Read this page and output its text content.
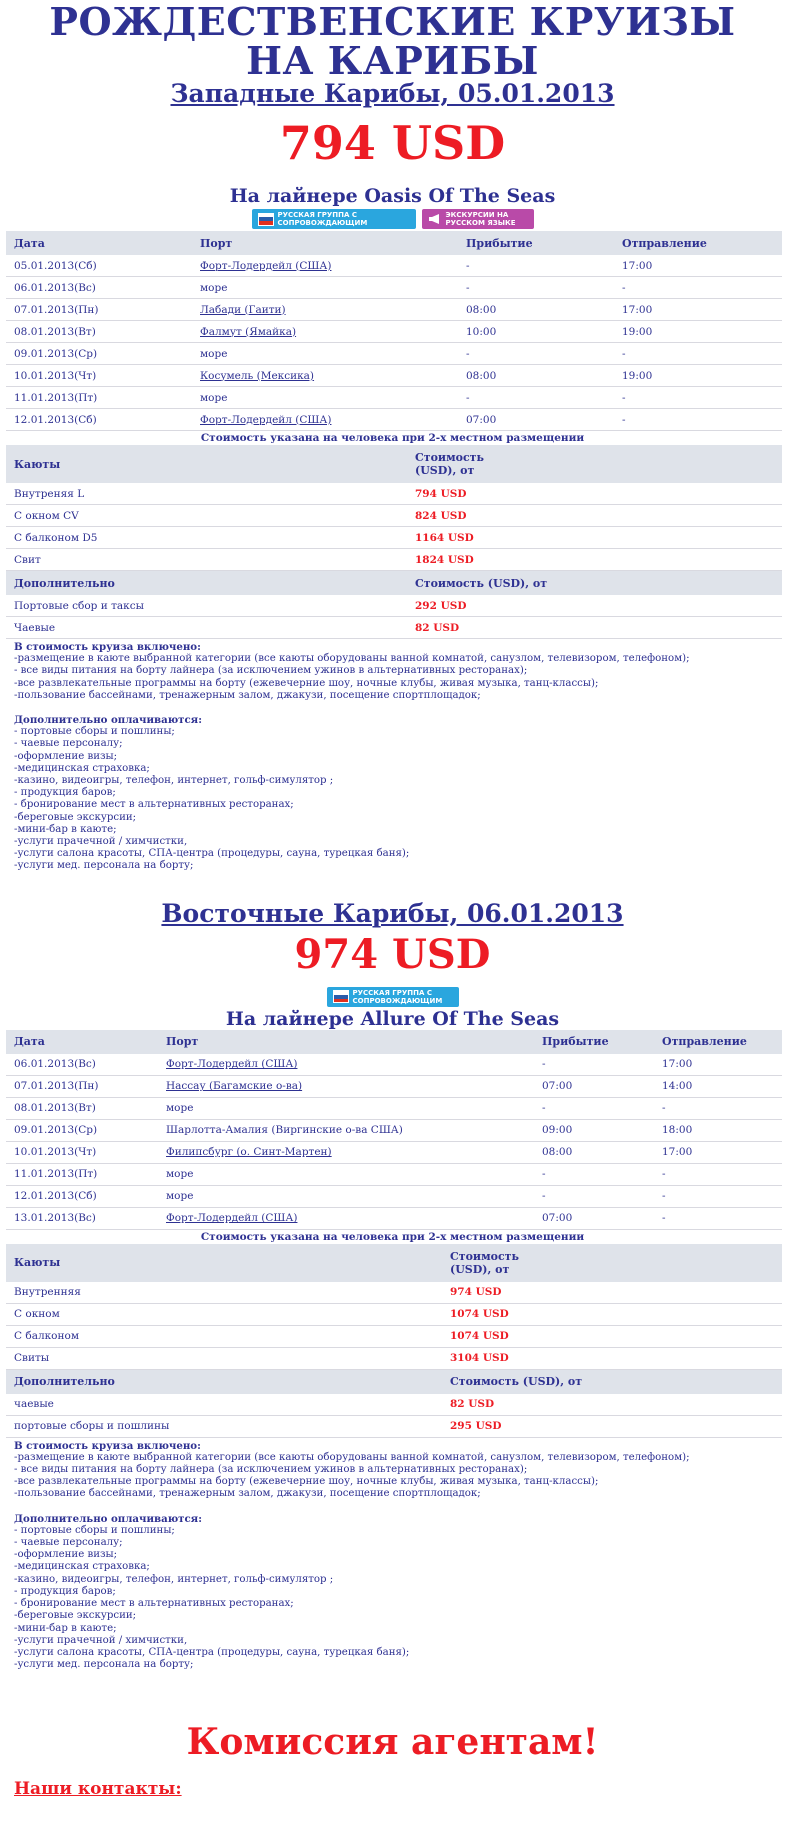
РОЖДЕСТВЕНСКИЕ КРУИЗЫ
НА КАРИБЫ
Западные Карибы, 05.01.2013
794 USD
На лайнере Oasis Of The Seas
РУССКАЯ ГРУППА С СОПРОВОЖДАЮЩИМ
ЭКСКУРСИИ НА РУССКОМ ЯЗЫКЕ
Дата	Порт	Прибытие	Отправление
05.01.2013(Сб)	Форт-Лодердейл (США)	-	17:00
06.01.2013(Вс)	море	-	-
07.01.2013(Пн)	Лабади (Гаити)	08:00	17:00
08.01.2013(Вт)	Фалмут (Ямайка)	10:00	19:00
09.01.2013(Ср)	море	-	-
10.01.2013(Чт)	Косумель (Мексика)	08:00	19:00
11.01.2013(Пт)	море	-	-
12.01.2013(Сб)	Форт-Лодердейл (США)	07:00	-

Стоимость указана на человека при 2-х местном размещении

Каюты	Стоимость (USD), от
Внутреняя L	794 USD
С окном CV	824 USD
С балконом D5	1164 USD
Свит	1824 USD
Дополнительно	Стоимость (USD), от
Портовые сбор и таксы	292 USD
Чаевые	82 USD

В стоимость круиза включено:

-размещение в каюте выбранной категории (все каюты оборудованы ванной комнатой, санузлом, телевизором, телефоном);

- все виды питания на борту лайнера (за исключением ужинов в альтернативных ресторанах);

-все развлекательные программы на борту (ежевечерние шоу, ночные клубы, живая музыка, танц-классы);

-пользование бассейнами, тренажерным залом, джакузи, посещение спортплощадок;

Дополнительно оплачиваются:

- портовые сборы и пошлины;

- чаевые персоналу;

-оформление визы;

-медицинская страховка;

-казино, видеоигры, телефон, интернет, гольф-симулятор ;

- продукция баров;

- бронирование мест в альтернативных ресторанах;

-береговые экскурсии;

-мини-бар в каюте;

-услуги прачечной / химчистки,

-услуги салона красоты, СПА-центра (процедуры, сауна, турецкая баня);

-услуги мед. персонала на борту;

Восточные Карибы, 06.01.2013
974 USD
РУССКАЯ ГРУППА С СОПРОВОЖДАЮЩИМ
На лайнере Allure Of The Seas
Дата	Порт	Прибытие	Отправление
06.01.2013(Вс)	Форт-Лодердейл (США)	-	17:00
07.01.2013(Пн)	Нассау (Багамские о-ва)	07:00	14:00
08.01.2013(Вт)	море	-	-
09.01.2013(Ср)	Шарлотта-Амалия (Виргинские о-ва США)	09:00	18:00
10.01.2013(Чт)	Филипсбург (о. Синт-Мартен)	08:00	17:00
11.01.2013(Пт)	море	-	-
12.01.2013(Сб)	море	-	-
13.01.2013(Вс)	Форт-Лодердейл (США)	07:00	-

Стоимость указана на человека при 2-х местном размещении

Каюты	Стоимость (USD), от
Внутренняя	974 USD
С окном	1074 USD
С балконом	1074 USD
Свиты	3104 USD
Дополнительно	Стоимость (USD), от
чаевые	82 USD
портовые сборы и пошлины	295 USD

В стоимость круиза включено:

-размещение в каюте выбранной категории (все каюты оборудованы ванной комнатой, санузлом, телевизором, телефоном);

- все виды питания на борту лайнера (за исключением ужинов в альтернативных ресторанах);

-все развлекательные программы на борту (ежевечерние шоу, ночные клубы, живая музыка, танц-классы);

-пользование бассейнами, тренажерным залом, джакузи, посещение спортплощадок;

Дополнительно оплачиваются:

- портовые сборы и пошлины;

- чаевые персоналу;

-оформление визы;

-медицинская страховка;

-казино, видеоигры, телефон, интернет, гольф-симулятор ;

- продукция баров;

- бронирование мест в альтернативных ресторанах;

-береговые экскурсии;

-мини-бар в каюте;

-услуги прачечной / химчистки,

-услуги салона красоты, СПА-центра (процедуры, сауна, турецкая баня);

-услуги мед. персонала на борту;

Комиссия агентам!

Наши контакты:
